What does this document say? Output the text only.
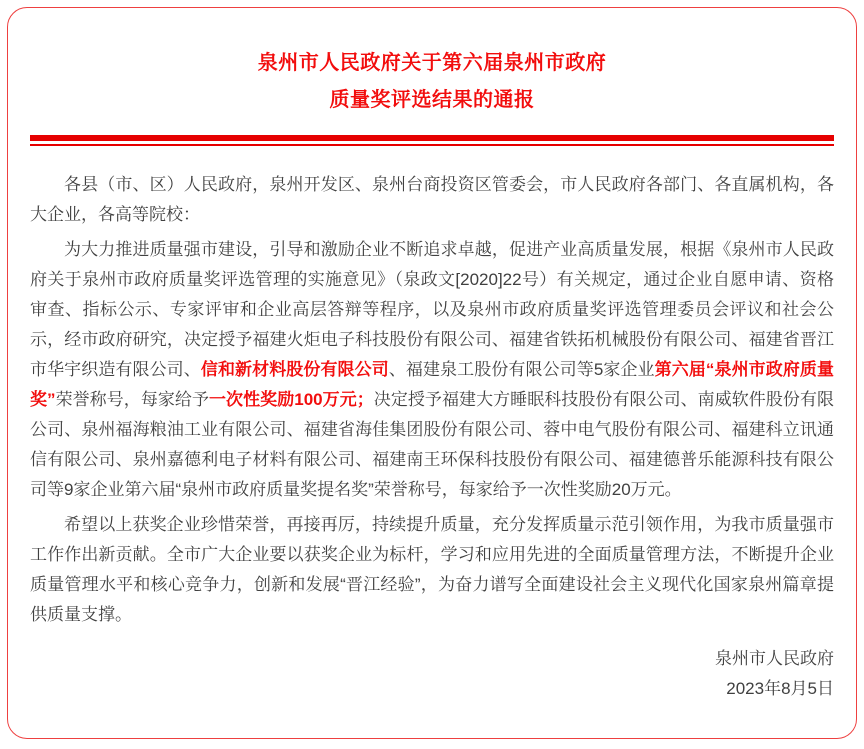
泉州市人民政府关于第六届泉州市政府
质量奖评选结果的通报

各县（市、区）人民政府，泉州开发区、泉州台商投资区管委会，市人民政府各部门、各直属机构，各大企业，各高等院校：

为大力推进质量强市建设，引导和激励企业不断追求卓越，促进产业高质量发展，根据《泉州市人民政府关于泉州市政府质量奖评选管理的实施意见》（泉政文[2020]22号）有关规定，通过企业自愿申请、资格审查、指标公示、专家评审和企业高层答辩等程序，以及泉州市政府质量奖评选管理委员会评议和社会公示，经市政府研究，决定授予福建火炬电子科技股份有限公司、福建省铁拓机械股份有限公司、福建省晋江市华宇织造有限公司、信和新材料股份有限公司、福建泉工股份有限公司等5家企业第六届“泉州市政府质量奖”荣誉称号，每家给予一次性奖励100万元；决定授予福建大方睡眠科技股份有限公司、南威软件股份有限公司、泉州福海粮油工业有限公司、福建省海佳集团股份有限公司、蓉中电气股份有限公司、福建科立讯通信有限公司、泉州嘉德利电子材料有限公司、福建南王环保科技股份有限公司、福建德普乐能源科技有限公司等9家企业第六届“泉州市政府质量奖提名奖”荣誉称号，每家给予一次性奖励20万元。

希望以上获奖企业珍惜荣誉，再接再厉，持续提升质量，充分发挥质量示范引领作用，为我市质量强市工作作出新贡献。全市广大企业要以获奖企业为标杆，学习和应用先进的全面质量管理方法，不断提升企业质量管理水平和核心竞争力，创新和发展“晋江经验”，为奋力谱写全面建设社会主义现代化国家泉州篇章提供质量支撑。

泉州市人民政府
2023年8月5日
